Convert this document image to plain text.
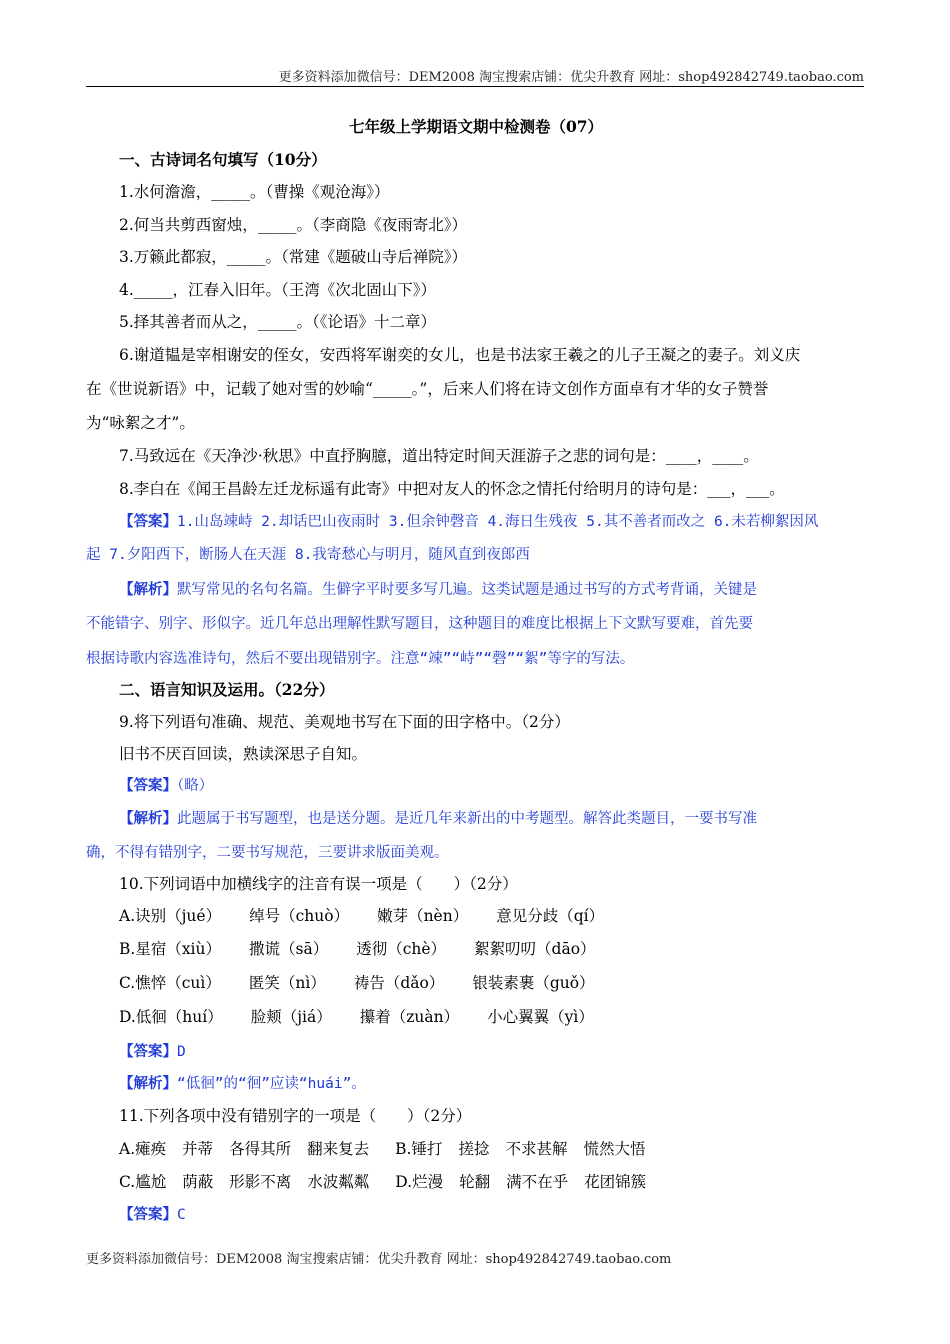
更多资料添加微信号：DEM2008 淘宝搜索店铺：优尖升教育 网址：shop492842749.taobao.com
七年级上学期语文期中检测卷（07）
一、古诗词名句填写（10分）
1.水何澹澹，_____。（曹操《观沧海》）
2.何当共剪西窗烛，_____。（李商隐《夜雨寄北》）
3.万籁此都寂，_____。（常建《题破山寺后禅院》）
4._____，江春入旧年。（王湾《次北固山下》）
5.择其善者而从之，_____。（《论语》十二章）
6.谢道韫是宰相谢安的侄女，安西将军谢奕的女儿，也是书法家王羲之的儿子王凝之的妻子。刘义庆
在《世说新语》中，记载了她对雪的妙喻“_____。”，后来人们将在诗文创作方面卓有才华的女子赞誉
为“咏絮之才”。
7.马致远在《天净沙·秋思》中直抒胸臆，道出特定时间天涯游子之悲的词句是：____，____。
8.李白在《闻王昌龄左迁龙标遥有此寄》中把对友人的怀念之情托付给明月的诗句是：___，___。
【答案】1.山岛竦峙 2.却话巴山夜雨时 3.但余钟磬音 4.海日生残夜 5.其不善者而改之 6.未若柳絮因风
起 7.夕阳西下，断肠人在天涯 8.我寄愁心与明月，随风直到夜郎西
【解析】默写常见的名句名篇。生僻字平时要多写几遍。这类试题是通过书写的方式考背诵，关键是
不能错字、别字、形似字。近几年总出理解性默写题目，这种题目的难度比根据上下文默写要难，首先要
根据诗歌内容选准诗句，然后不要出现错别字。注意“竦”“峙”“磬”“絮”等字的写法。
二、语言知识及运用。（22分）
9.将下列语句准确、规范、美观地书写在下面的田字格中。（2分）
旧书不厌百回读，熟读深思子自知。
【答案】（略）
【解析】此题属于书写题型，也是送分题。是近几年来新出的中考题型。解答此类题目，一要书写准
确，不得有错别字，二要书写规范，三要讲求版面美观。
10.下列词语中加横线字的注音有误一项是（　　）（2分）
A.诀别（jué） 绰号（chuò） 嫩芽（nèn） 意见分歧（qí）
B.星宿（xiù） 撒谎（sā） 透彻（chè） 絮絮叨叨（dāo）
C.憔悴（cuì） 匿笑（nì） 祷告（dǎo） 银装素裹（guǒ）
D.低徊（huí） 脸颊（jiá） 攥着（zuàn） 小心翼翼（yì）
【答案】D
【解析】“低徊”的“徊”应读“huái”。
11.下列各项中没有错别字的一项是（　　）（2分）
A.瘫痪 并蒂 各得其所 翻来复去 B.锤打 搓捻 不求甚解 慌然大悟
C.尴尬 荫蔽 形影不离 水波粼粼 D.烂漫 轮翻 满不在乎 花团锦簇
【答案】C
更多资料添加微信号：DEM2008 淘宝搜索店铺：优尖升教育 网址：shop492842749.taobao.com
